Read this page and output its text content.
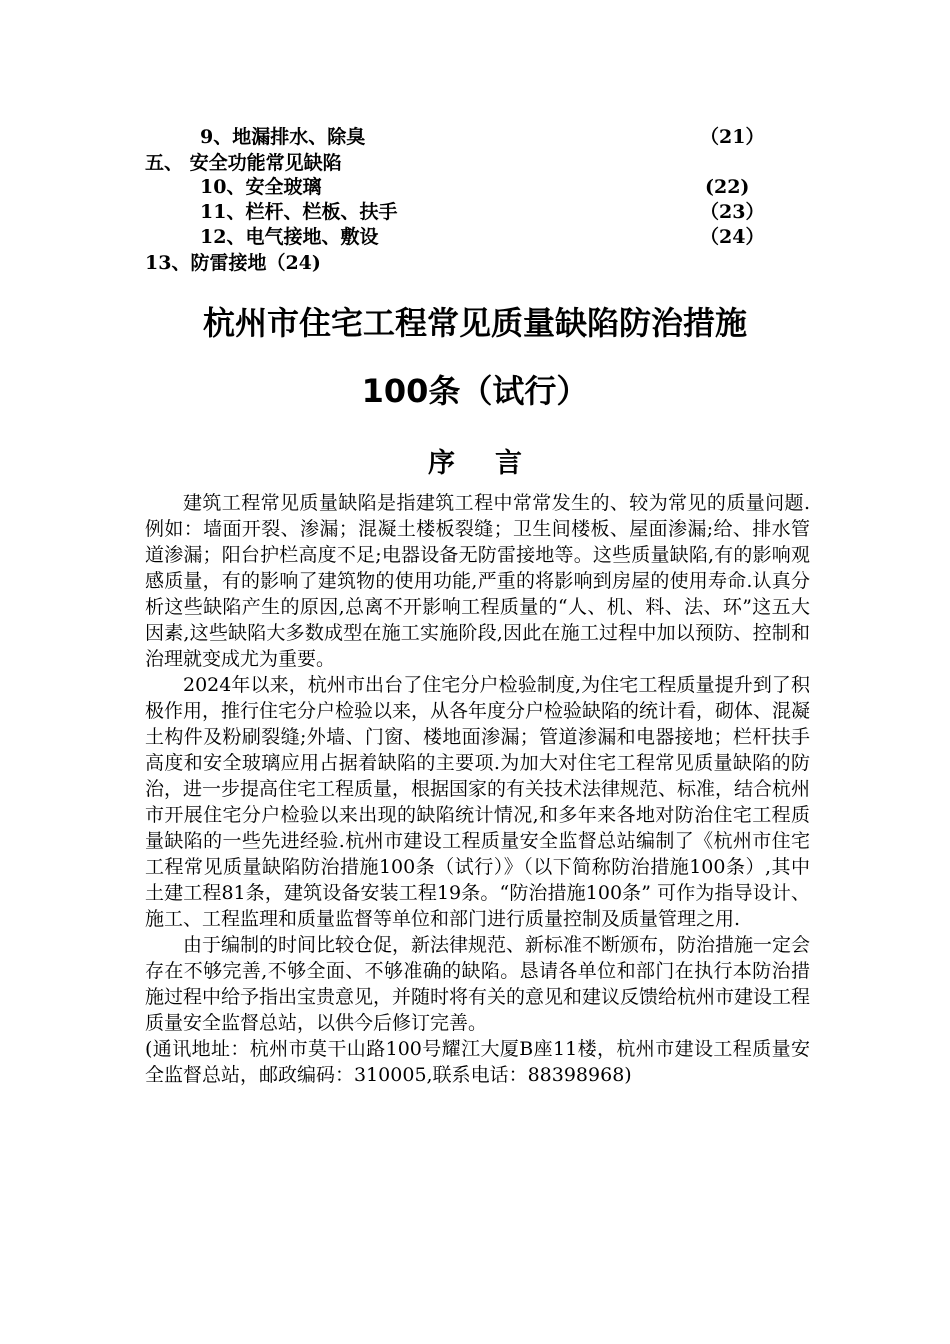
9、地漏排水、除臭	（21）
五、 安全功能常见缺陷
10、安全玻璃	(22)
11、栏杆、栏板、扶手	（23）
12、电气接地、敷设	（24）
13、防雷接地（24)
杭州市住宅工程常见质量缺陷防治措施
100条（试行）
序言

建筑工程常见质量缺陷是指建筑工程中常常发生的、较为常见的质量问题.例如：墙面开裂、渗漏；混凝土楼板裂缝；卫生间楼板、屋面渗漏;给、排水管道渗漏；阳台护栏高度不足;电器设备无防雷接地等。这些质量缺陷,有的影响观感质量，有的影响了建筑物的使用功能,严重的将影响到房屋的使用寿命.认真分析这些缺陷产生的原因,总离不开影响工程质量的“人、机、料、法、环”这五大因素,这些缺陷大多数成型在施工实施阶段,因此在施工过程中加以预防、控制和治理就变成尤为重要。

2024年以来，杭州市出台了住宅分户检验制度,为住宅工程质量提升到了积极作用，推行住宅分户检验以来，从各年度分户检验缺陷的统计看，砌体、混凝土构件及粉刷裂缝;外墙、门窗、楼地面渗漏；管道渗漏和电器接地；栏杆扶手高度和安全玻璃应用占据着缺陷的主要项.为加大对住宅工程常见质量缺陷的防治，进一步提高住宅工程质量，根据国家的有关技术法律规范、标准，结合杭州市开展住宅分户检验以来出现的缺陷统计情况,和多年来各地对防治住宅工程质量缺陷的一些先进经验.杭州市建设工程质量安全监督总站编制了《杭州市住宅工程常见质量缺陷防治措施100条（试行）》（以下简称防治措施100条）,其中土建工程81条，建筑设备安装工程19条。“防治措施100条” 可作为指导设计、施工、工程监理和质量监督等单位和部门进行质量控制及质量管理之用.

由于编制的时间比较仓促，新法律规范、新标准不断颁布，防治措施一定会存在不够完善,不够全面、不够准确的缺陷。恳请各单位和部门在执行本防治措施过程中给予指出宝贵意见，并随时将有关的意见和建议反馈给杭州市建设工程质量安全监督总站，以供今后修订完善。

(通讯地址：杭州市莫干山路100号耀江大厦B座11楼，杭州市建设工程质量安全监督总站，邮政编码：310005,联系电话：88398968)
